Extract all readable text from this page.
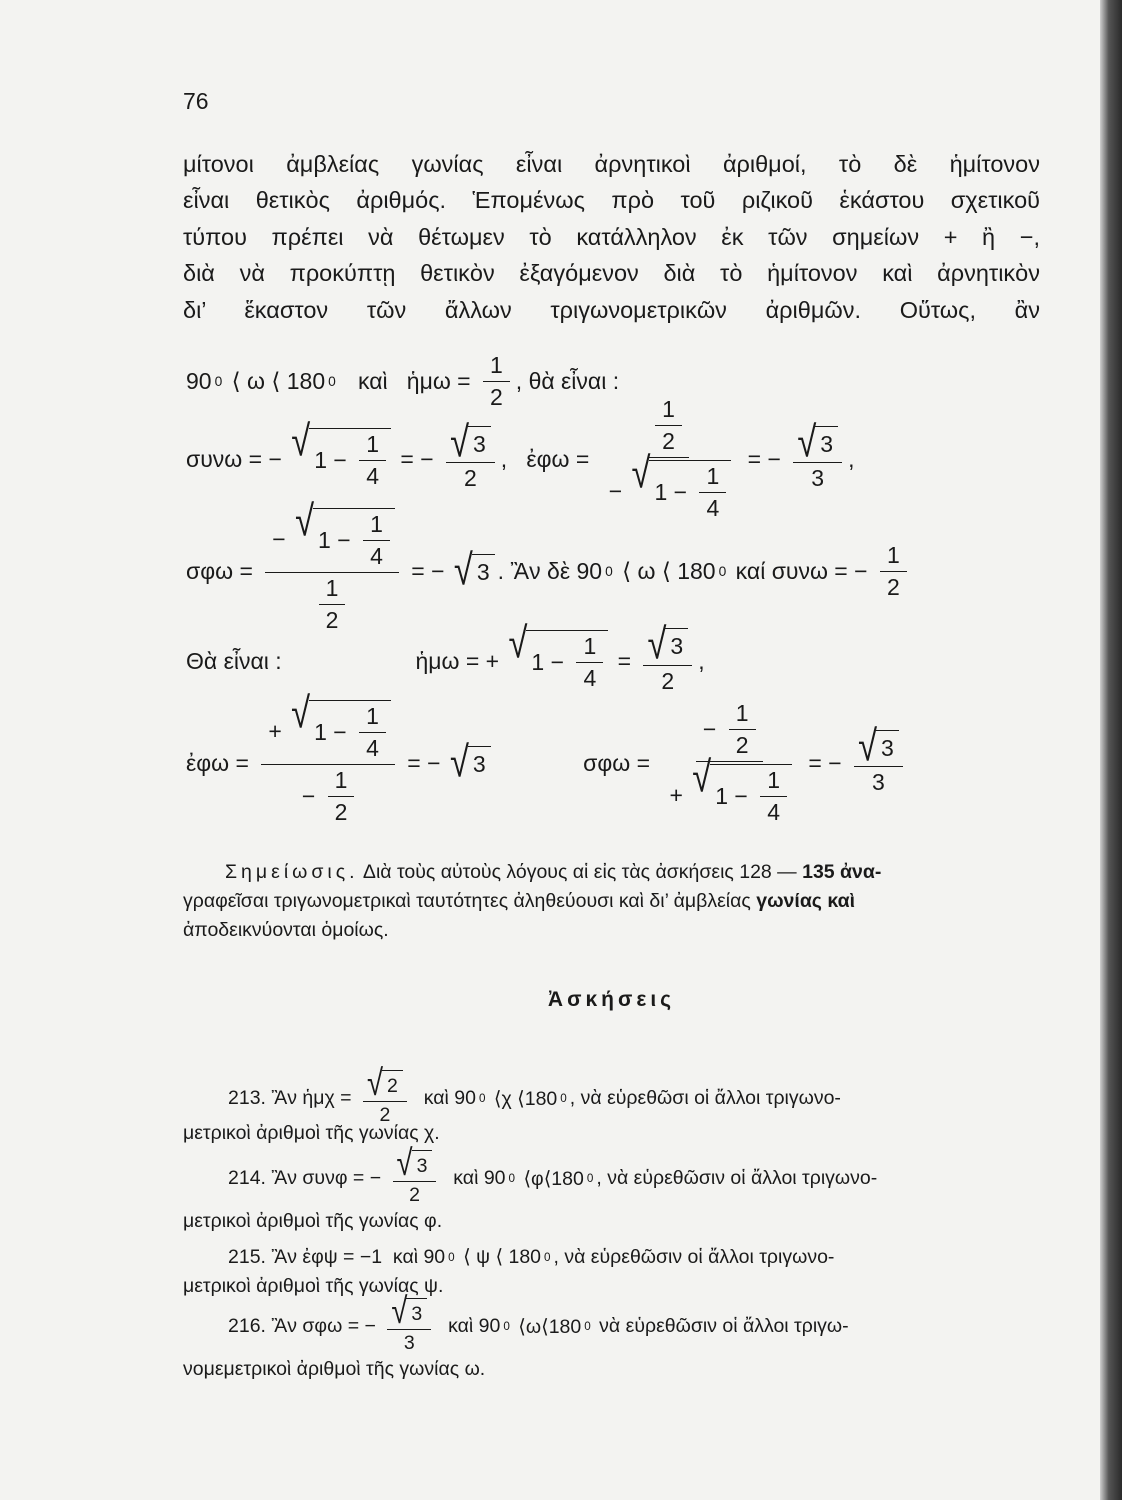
76
μίτονοι ἀμβλείας γωνίας εἶναι ἀρνητικοὶ ἀριθμοί, τὸ δὲ ἡμίτονον
εἶναι θετικὸς ἀριθμός. Ἑπομένως πρὸ τοῦ ριζικοῦ ἑκάστου σχετικοῦ
τύπου πρέπει νὰ θέτωμεν τὸ κατάλληλον ἐκ τῶν σημείων + ἢ −,
διὰ νὰ προκύπτῃ θετικὸν ἐξαγόμενον διὰ τὸ ἡμίτονον καὶ ἀρνητικὸν
δι’ ἕκαστον τῶν ἄλλων τριγωνομετρικῶν ἀριθμῶν. Οὕτως, ἂν
90 0 ⟨ ω ⟨ 180 0 καὶ   ἡμω = $\frac{1}{2}$ , θὰ εἶναι :
συνω = − √ $1 - \frac{1}{4}$ = − $\frac{√ 3}{2}$ ,   ἐφω = $\frac{\frac{1}{2}}{- √ 1 - \frac{1}{4}}$ = − $\frac{√ 3}{3}$ ,
$\sigma\varphi\omega = \frac{- √ 1 - \frac{1}{4}}{\frac{1}{2}}$ = − √ 3 . Ἂν δὲ 90 0 ⟨ ω ⟨ 180 0 καί συνω = − $\frac{1}{2}$
Θὰ εἶναι : ἡμω = + √ $1 - \frac{1}{4} = \frac{√ 3}{2}$ ,
ἐφω = $\frac{+ √ 1 - \frac{1}{4}}{- \frac{1}{2}}$ = − √ 3 $\sigma\varphi\omega = \frac{- \frac{1}{2}}{+ √ 1 - \frac{1}{4}}$ = − $\frac{√ 3}{3}$
Σημείωσις. Διὰ τοὺς αὐτοὺς λόγους αἱ εἰς τὰς ἀσκήσεις 128 — 135 ἀνα-
γραφεῖσαι τριγωνομετρικαὶ ταυτότητες ἀληθεύουσι καὶ δι’ ἀμβλείας γωνίας καὶ
ἀποδεικνύονται ὁμοίως.
Ἀσκήσεις
213. Ἂν ἡμχ = $\frac{√ 2}{2}$ καὶ 90 0 ⟨χ ⟨180 0 , νὰ εὑρεθῶσι οἱ ἄλλοι τριγωνο-
μετρικοὶ ἀριθμοὶ τῆς γωνίας χ.
214. Ἂν συνφ = − $\frac{√ 3}{2}$ καὶ 90 0 ⟨φ⟨180 0 , νὰ εὑρεθῶσιν οἱ ἄλλοι τριγωνο-
μετρικοὶ ἀριθμοὶ τῆς γωνίας φ.
215. Ἂν ἐφψ = −1  καὶ 90 0 ⟨ ψ ⟨ 180 0 , νὰ εὑρεθῶσιν οἱ ἄλλοι τριγωνο-
μετρικοὶ ἀριθμοὶ τῆς γωνίας ψ.
216. Ἂν σφω = − $\frac{√ 3}{3}$ καὶ 90 0 ⟨ω⟨180 0 νὰ εὑρεθῶσιν οἱ ἄλλοι τριγω-
νομεμετρικοὶ ἀριθμοὶ τῆς γωνίας ω.
